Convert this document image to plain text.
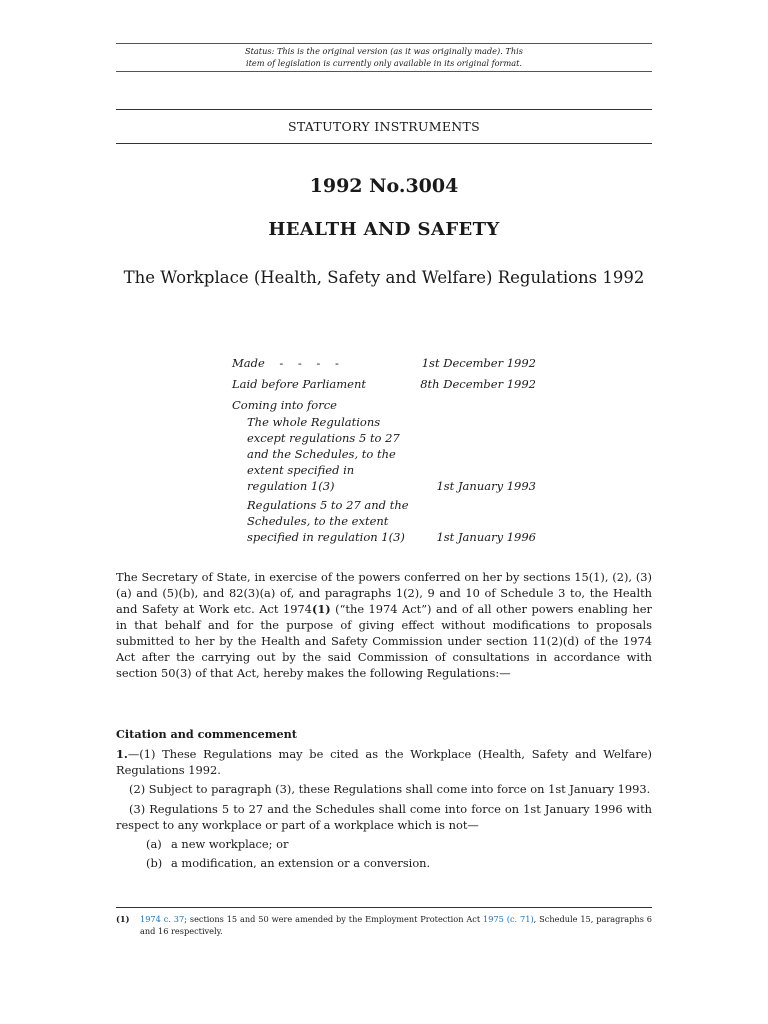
Status: This is the original version (as it was originally made). This
item of legislation is currently only available in its original format.
STATUTORY INSTRUMENTS
1992 No.3004
HEALTH AND SAFETY
The Workplace (Health, Safety and Welfare) Regulations 1992
Made    -    -    -    -	1st December 1992
Laid before Parliament	8th December 1992
Coming into force
The whole Regulations except regulations 5 to 27 and the Schedules, to the extent specified in regulation 1(3)	1st January 1993
Regulations 5 to 27 and the Schedules, to the extent specified in regulation 1(3)	1st January 1996
The Secretary of State, in exercise of the powers conferred on her by sections 15(1), (2), (3)(a) and (5)(b), and 82(3)(a) of, and paragraphs 1(2), 9 and 10 of Schedule 3 to, the Health and Safety at Work etc. Act 1974(1) (“the 1974 Act”) and of all other powers enabling her in that behalf and for the purpose of giving effect without modifications to proposals submitted to her by the Health and Safety Commission under section 11(2)(d) of the 1974 Act after the carrying out by the said Commission of consultations in accordance with section 50(3) of that Act, hereby makes the following Regulations:—
Citation and commencement
1.—(1) These Regulations may be cited as the Workplace (Health, Safety and Welfare) Regulations 1992.
(2) Subject to paragraph (3), these Regulations shall come into force on 1st January 1993.
(3) Regulations 5 to 27 and the Schedules shall come into force on 1st January 1996 with respect to any workplace or part of a workplace which is not—
(a) a new workplace; or
(b) a modification, an extension or a conversion.
(1) 1974 c. 37; sections 15 and 50 were amended by the Employment Protection Act 1975 (c. 71), Schedule 15, paragraphs 6 and 16 respectively.
